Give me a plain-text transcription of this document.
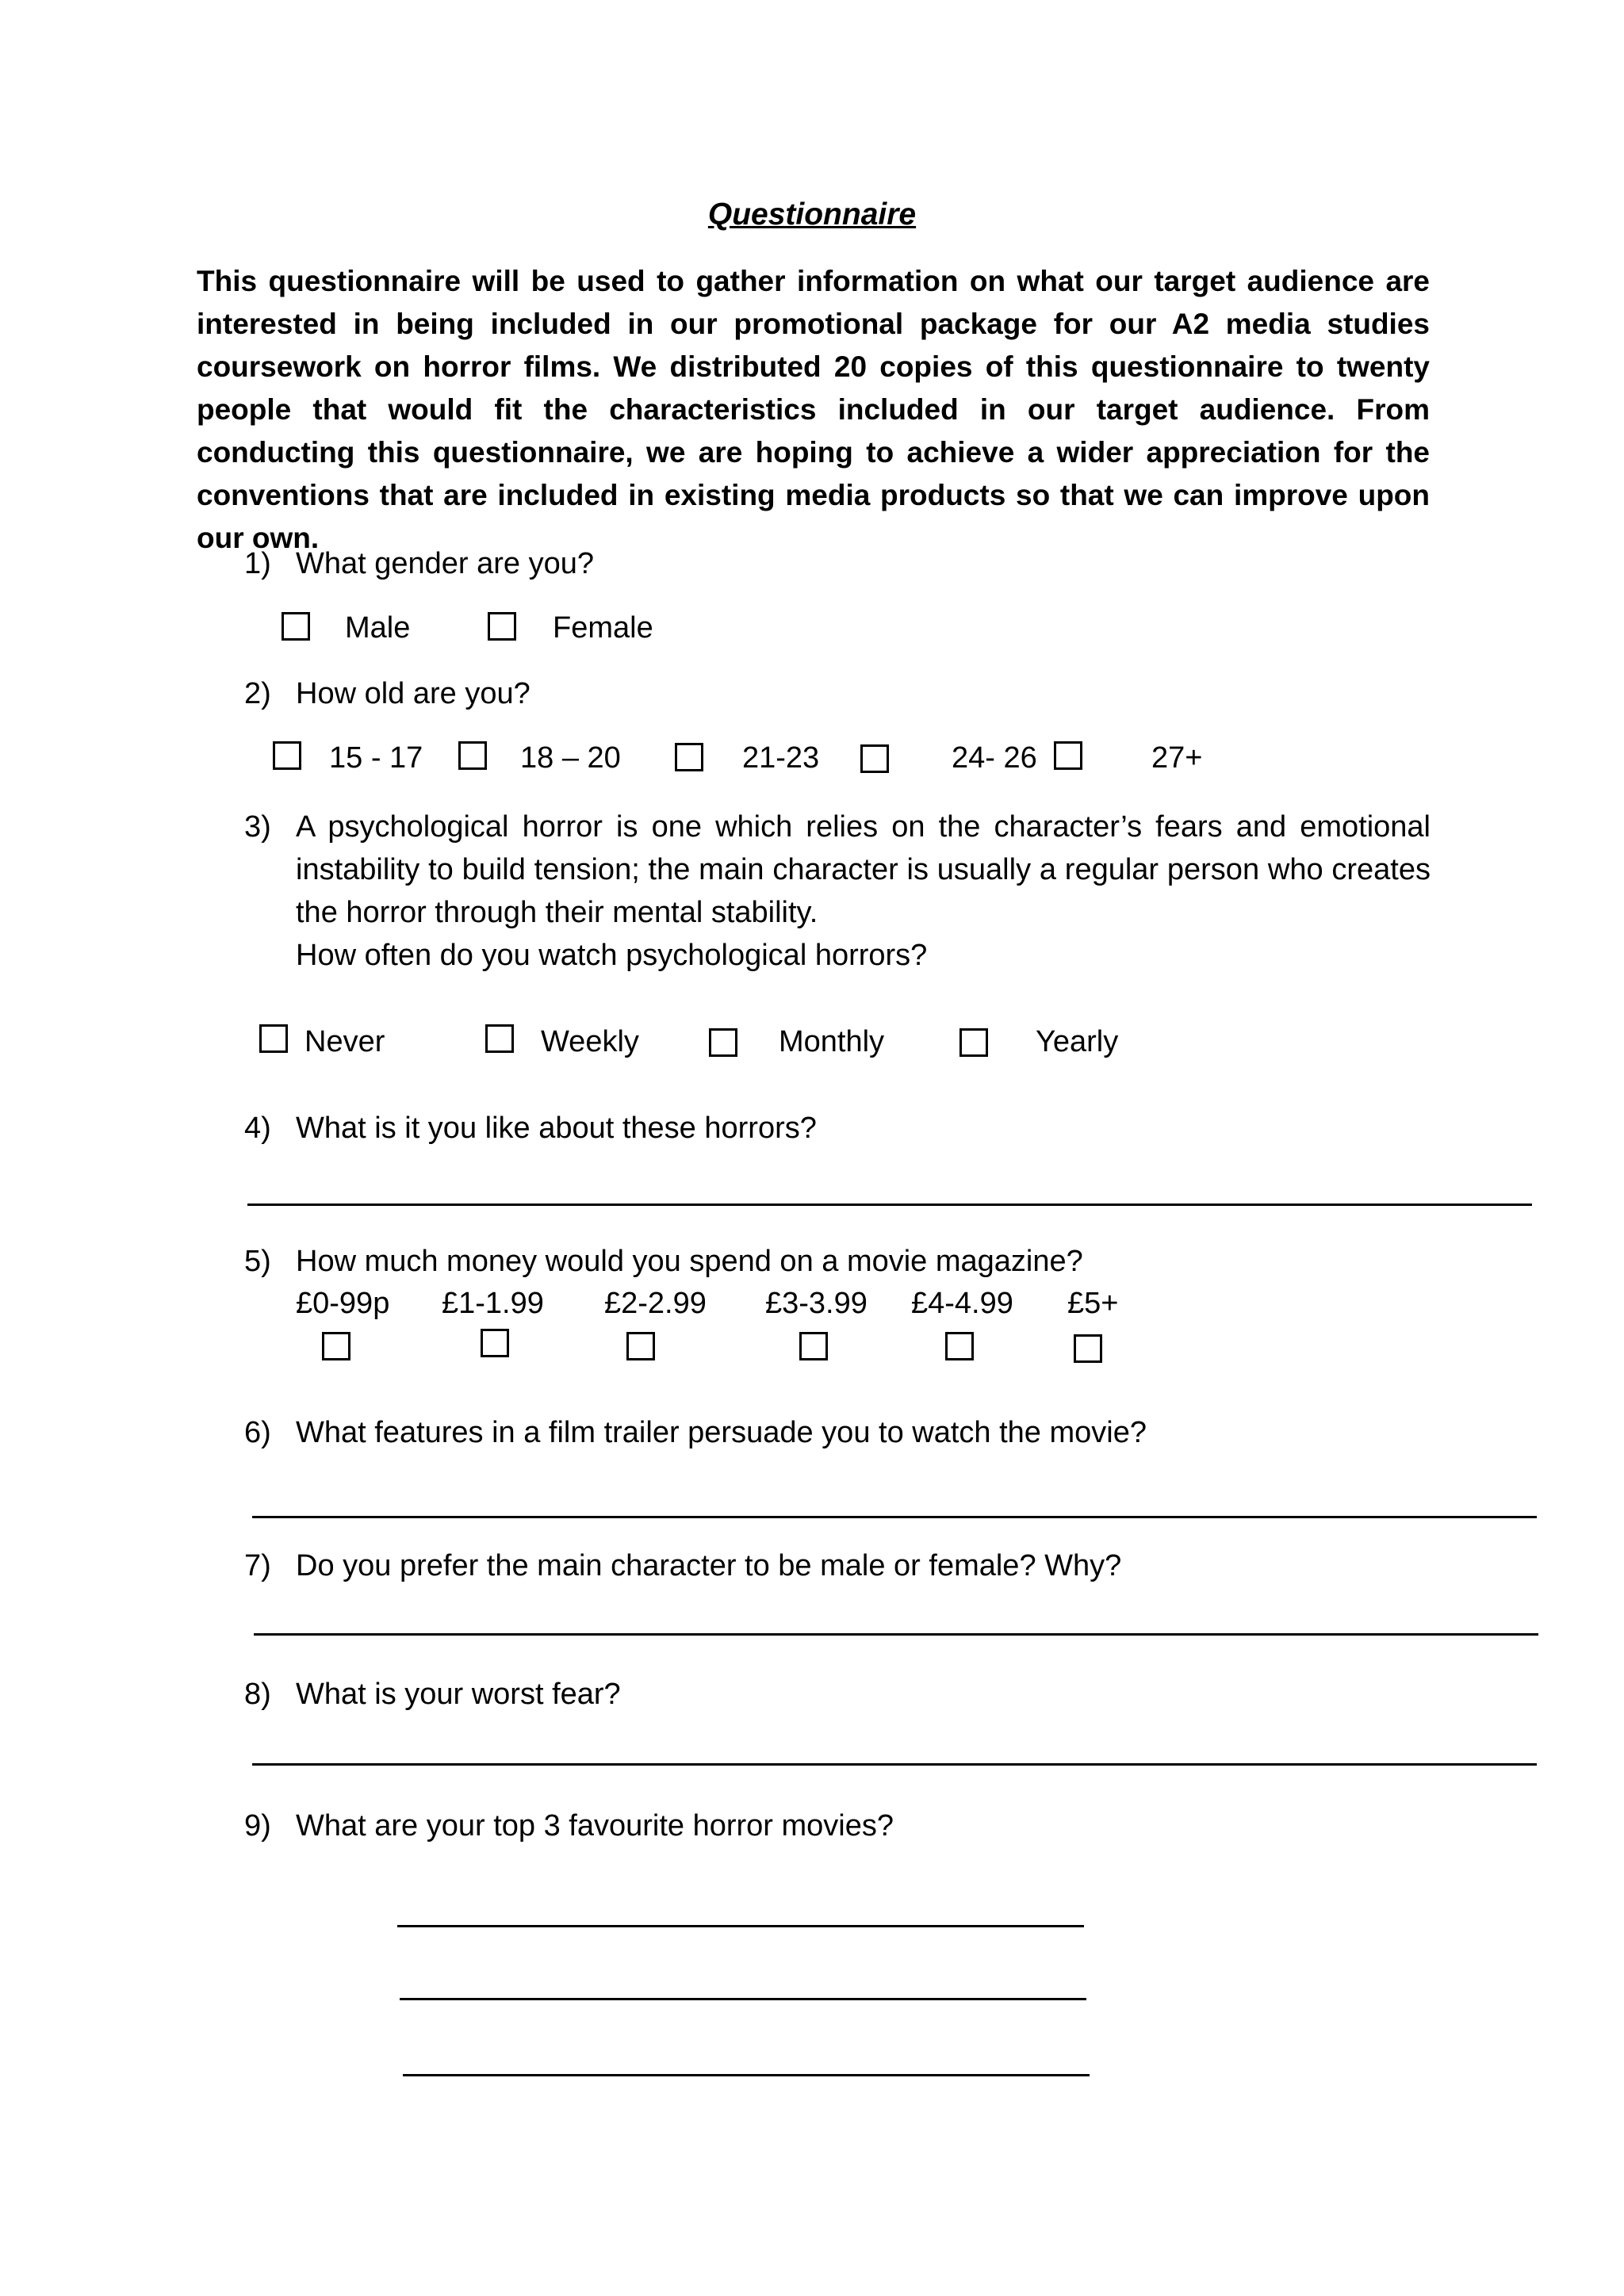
Questionnaire
This questionnaire will be used to gather information on what our target audience are interested in being included in our promotional package for our A2 media studies coursework on horror films. We distributed 20 copies of this questionnaire to twenty people that would fit the characteristics included in our target audience. From conducting this questionnaire, we are hoping to achieve a wider appreciation for the conventions that are included in existing media products so that we can improve upon our own.
1) What gender are you?
Male	Female
2) How old are you?
15 - 17	18 – 20	21-23	24- 26	27+
3) A psychological horror is one which relies on the character’s fears and emotional instability to build tension; the main character is usually a regular person who creates the horror through their mental stability.
How often do you watch psychological horrors?
Never	Weekly	Monthly	Yearly
4) What is it you like about these horrors?
5) How much money would you spend on a movie magazine?
£0-99p £1-1.99 £2-2.99 £3-3.99 £4-4.99 £5+
6) What features in a film trailer persuade you to watch the movie?
7) Do you prefer the main character to be male or female? Why?
8) What is your worst fear?
9) What are your top 3 favourite horror movies?
